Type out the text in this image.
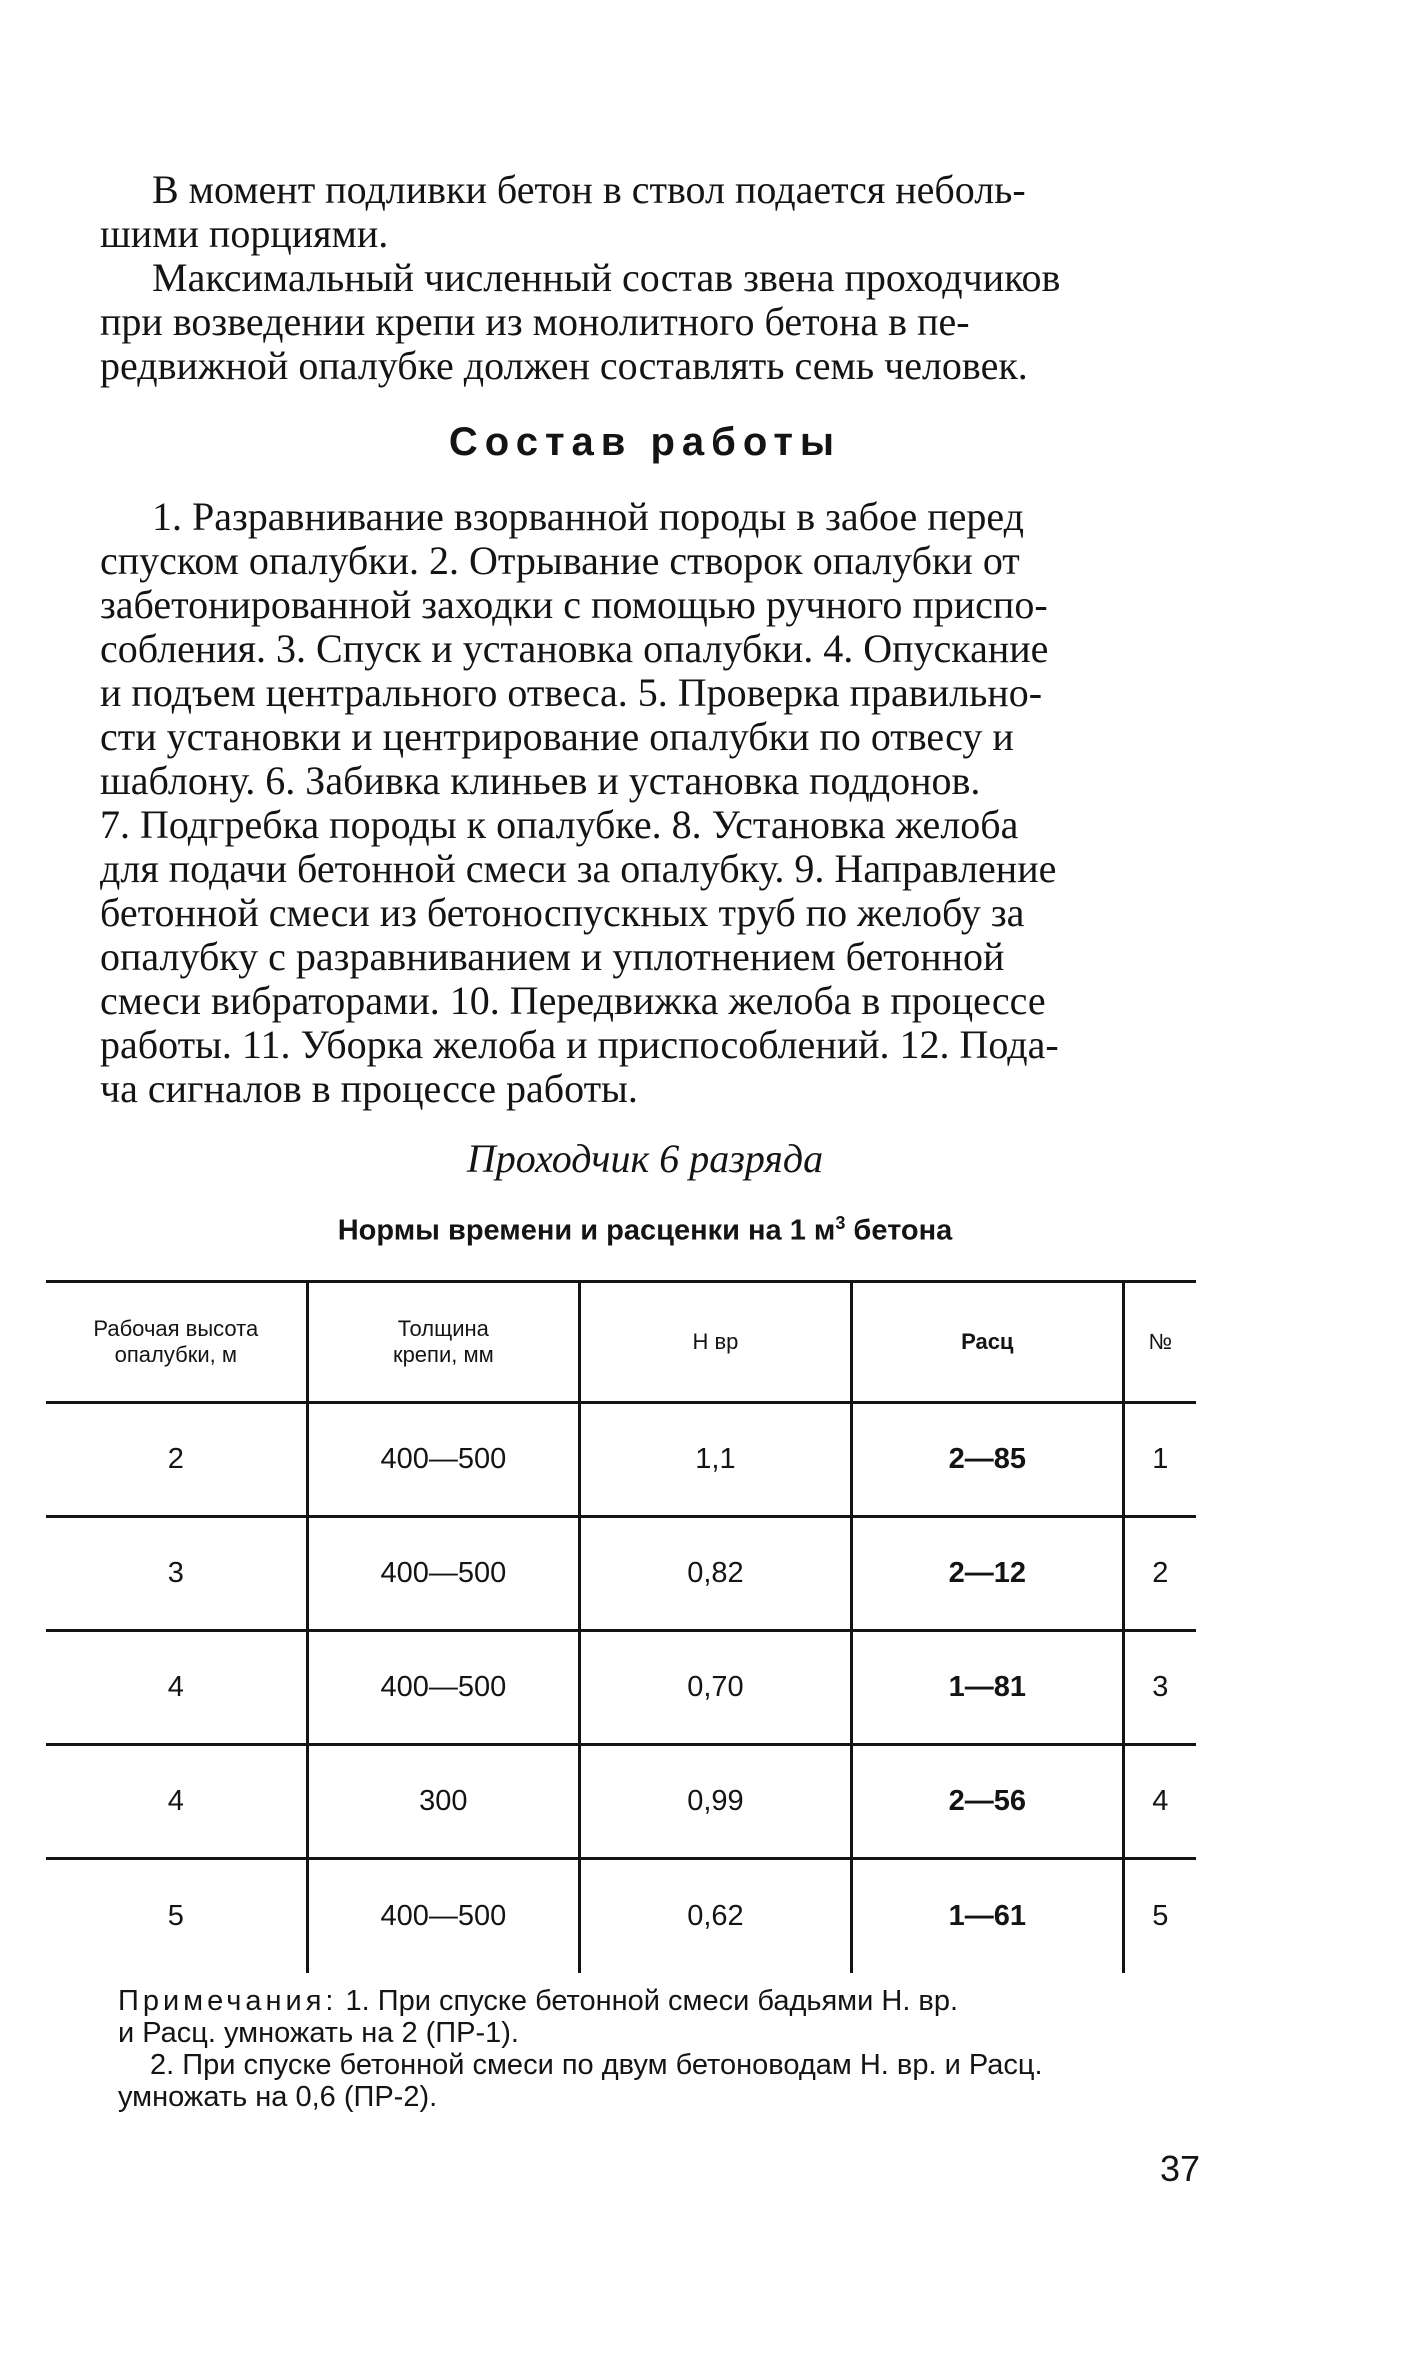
В момент подливки бетон в ствол подается неболь-
шими порциями.
Максимальный численный состав звена проходчиков
при возведении крепи из монолитного бетона в пе-
редвижной опалубке должен составлять семь человек.
Состав работы
1. Разравнивание взорванной породы в забое перед
спуском опалубки. 2. Отрывание створок опалубки от
забетонированной заходки с помощью ручного приспо-
собления. 3. Спуск и установка опалубки. 4. Опускание
и подъем центрального отвеса. 5. Проверка правильно-
сти установки и центрирование опалубки по отвесу и
шаблону. 6. Забивка клиньев и установка поддонов.
7. Подгребка породы к опалубке. 8. Установка желоба
для подачи бетонной смеси за опалубку. 9. Направление
бетонной смеси из бетоноспускных труб по желобу за
опалубку с разравниванием и уплотнением бетонной
смеси вибраторами. 10. Передвижка желоба в процессе
работы. 11. Уборка желоба и приспособлений. 12. Пода-
ча сигналов в процессе работы.
Проходчик 6 разряда
Нормы времени и расценки на 1 $м^3$ бетона
Рабочая высота
опалубки, м	Толщина
крепи, мм	Н вр	Расц	№
2	400—500	1,1	2—85	1
3	400—500	0,82	2—12	2
4	400—500	0,70	1—81	3
4	300	0,99	2—56	4
5	400—500	0,62	1—61	5
Примечания: 1. При спуске бетонной смеси бадьями Н. вр.
и Расц. умножать на 2 (ПР-1).
2. При спуске бетонной смеси по двум бетоноводам Н. вр. и Расц.
умножать на 0,6 (ПР-2).
37
